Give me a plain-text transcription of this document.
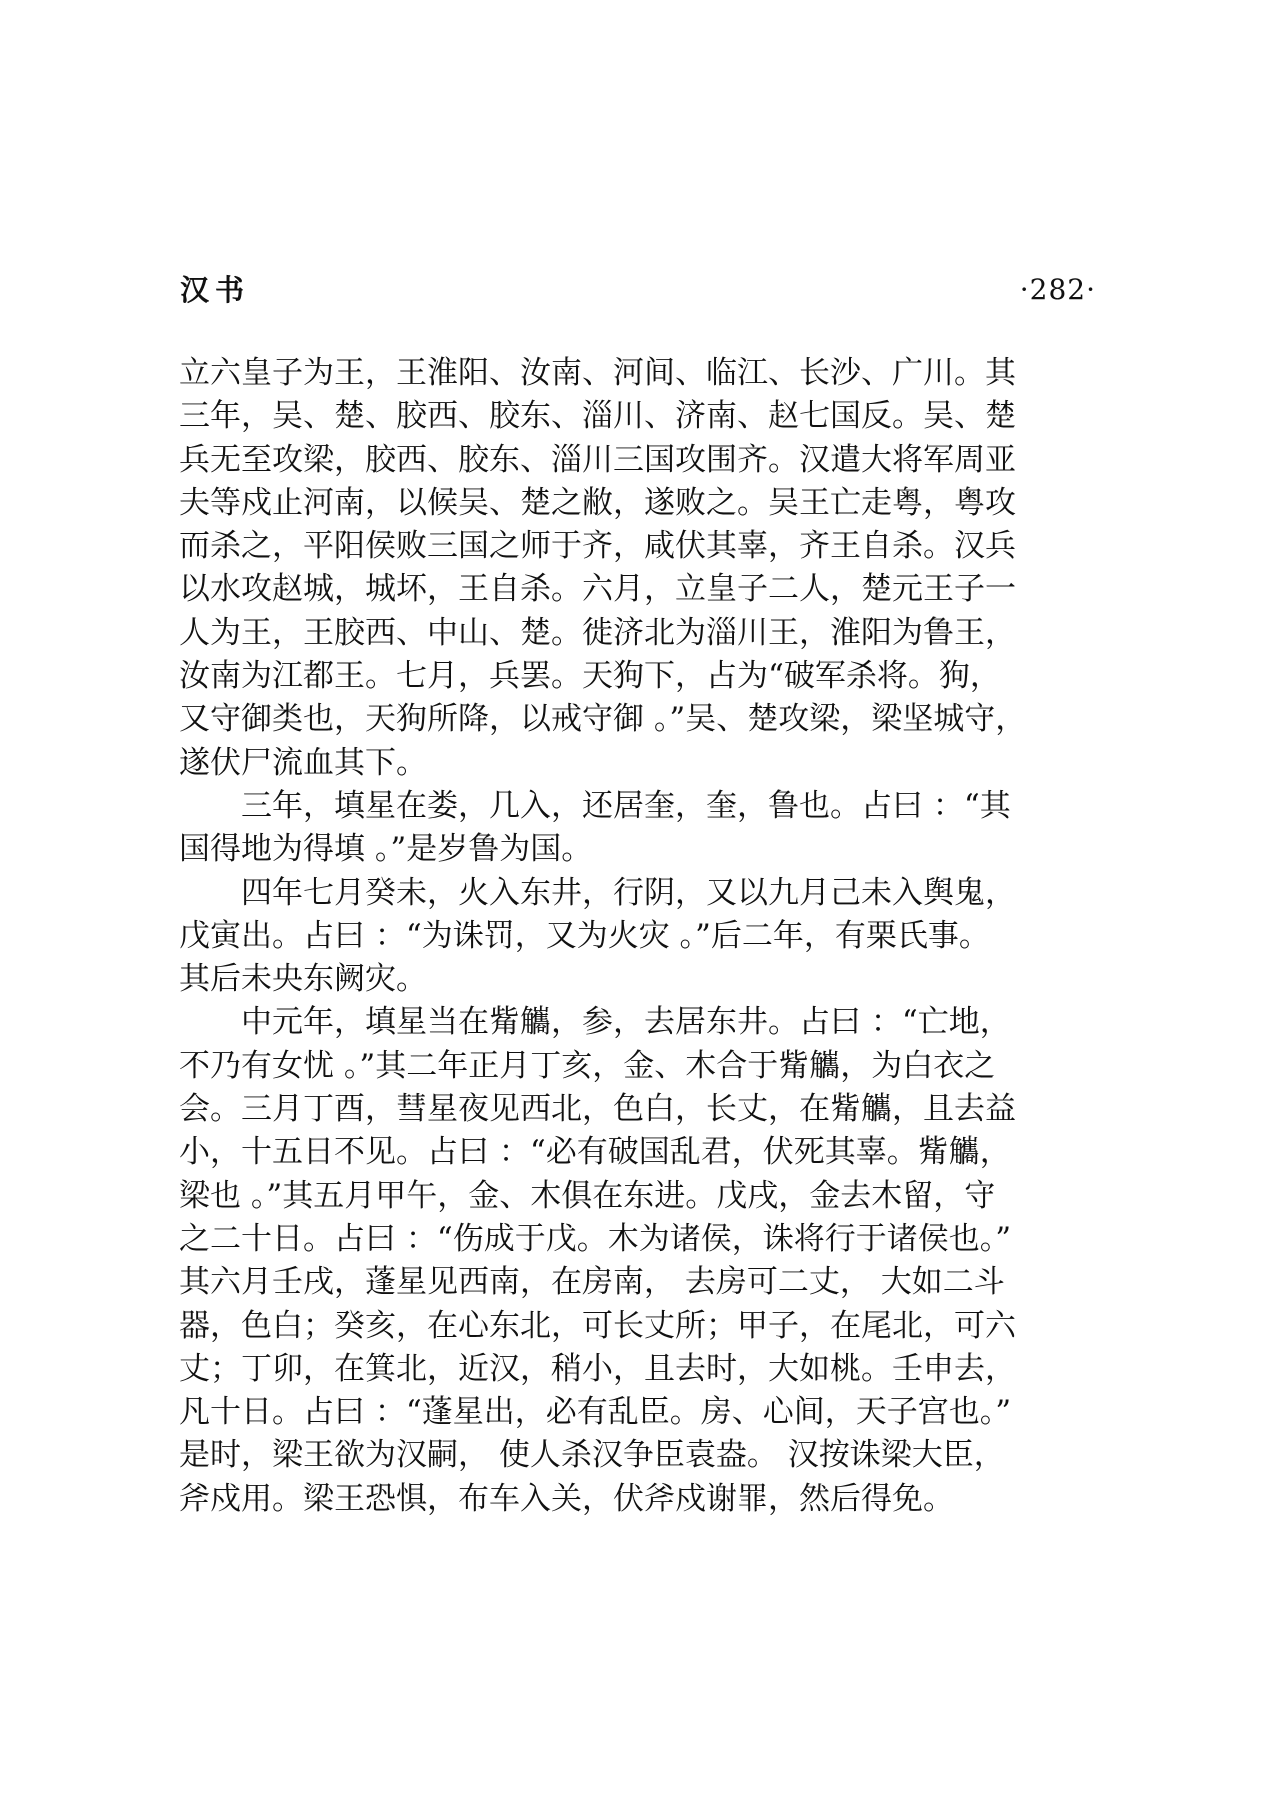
汉书	·282·
立六皇子为王，王淮阳、汝南、河间、临江、长沙、广川。其
三年，吴、楚、胶西、胶东、淄川、济南、赵七国反。吴、楚
兵无至攻梁，胶西、胶东、淄川三国攻围齐。汉遣大将军周亚
夫等戍止河南，以候吴、楚之敝，遂败之。吴王亡走粤，粤攻
而杀之，平阳侯败三国之师于齐，咸伏其辜，齐王自杀。汉兵
以水攻赵城，城坏，王自杀。六月，立皇子二人，楚元王子一
人为王，王胶西、中山、楚。徙济北为淄川王，淮阳为鲁王，
汝南为江都王。七月，兵罢。天狗下，占为“破军杀将。狗，
又守御类也，天狗所降，以戒守御 。”吴、楚攻梁，梁坚城守，
遂伏尸流血其下。
三年，填星在娄，几入，还居奎，奎，鲁也。占曰 ：“其
国得地为得填 。”是岁鲁为国。
四年七月癸未，火入东井，行阴，又以九月己未入舆鬼，
戊寅出。占曰 ：“为诛罚，又为火灾 。”后二年，有栗氏事。
其后未央东阙灾。
中元年，填星当在觜觿，参，去居东井。占曰 ：“亡地，
不乃有女忧 。”其二年正月丁亥，金、木合于觜觿，为白衣之
会。三月丁酉，彗星夜见西北，色白，长丈，在觜觿，且去益
小，十五日不见。占曰 ：“必有破国乱君，伏死其辜。觜觿，
梁也 。”其五月甲午，金、木俱在东进。戊戌，金去木留，守
之二十日。占曰 ：“伤成于戊。木为诸侯，诛将行于诸侯也。”
其六月壬戌，蓬星见西南，在房南， 去房可二丈， 大如二斗
器，色白；癸亥，在心东北，可长丈所；甲子，在尾北，可六
丈；丁卯，在箕北，近汉，稍小，且去时，大如桃。壬申去，
凡十日。占曰 ：“蓬星出，必有乱臣。房、心间，天子宫也。”
是时，梁王欲为汉嗣， 使人杀汉争臣袁盎。 汉按诛梁大臣，
斧戍用。梁王恐惧，布车入关，伏斧戍谢罪，然后得免。
